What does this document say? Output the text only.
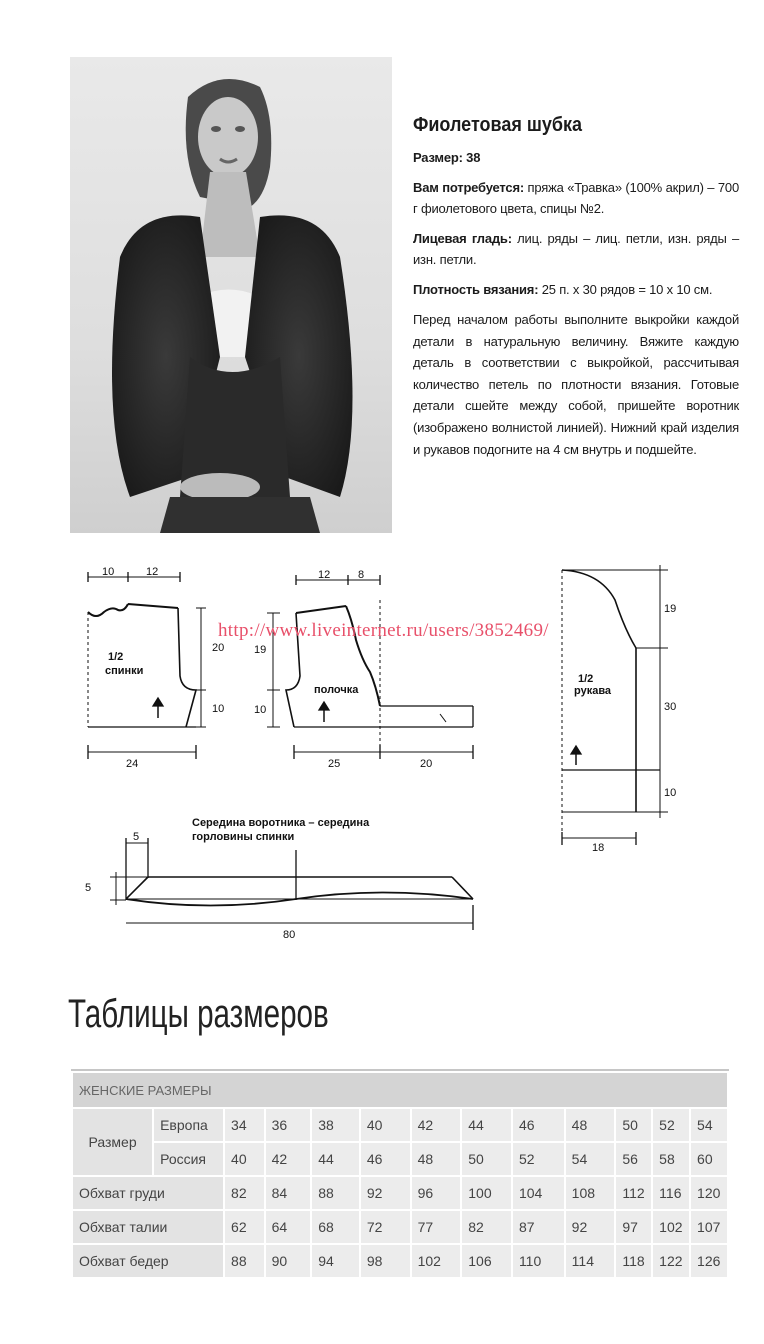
Фиолетовая шубка

Размер: 38

Вам потребуется: пряжа «Травка» (100% акрил) – 700 г фиолетового цвета, спицы №2.

Лицевая гладь: лиц. ряды – лиц. петли, изн. ряды – изн. петли.

Плотность вязания: 25 п. х 30 рядов = 10 х 10 см.

Перед началом работы выполните выкройки каждой детали в натуральную величину. Вяжите каждую деталь в соответствии с выкройкой, рассчитывая количество петель по плотности вязания. Готовые детали сшейте между собой, пришейте воротник (изображено волнистой линией). Нижний край изделия и рукавов подогните на 4 см внутрь и подшейте.

10	12
1/2
спинки
20
10
24
12	8
19
10
полочка
25	20
1/2
рукава
19
30
10
18
Середина воротника – середина
горловины спинки
5
5
80
http://www.liveinternet.ru/users/3852469/
Таблицы размеров
ЖЕНСКИЕ РАЗМЕРЫ												
Размер	Европа	34	36	38	40	42	44	46	48	50	52	54
	Россия	40	42	44	46	48	50	52	54	56	58	60
Обхват груди		82	84	88	92	96	100	104	108	112	116	120
Обхват талии		62	64	68	72	77	82	87	92	97	102	107
Обхват бедер		88	90	94	98	102	106	110	114	118	122	126
